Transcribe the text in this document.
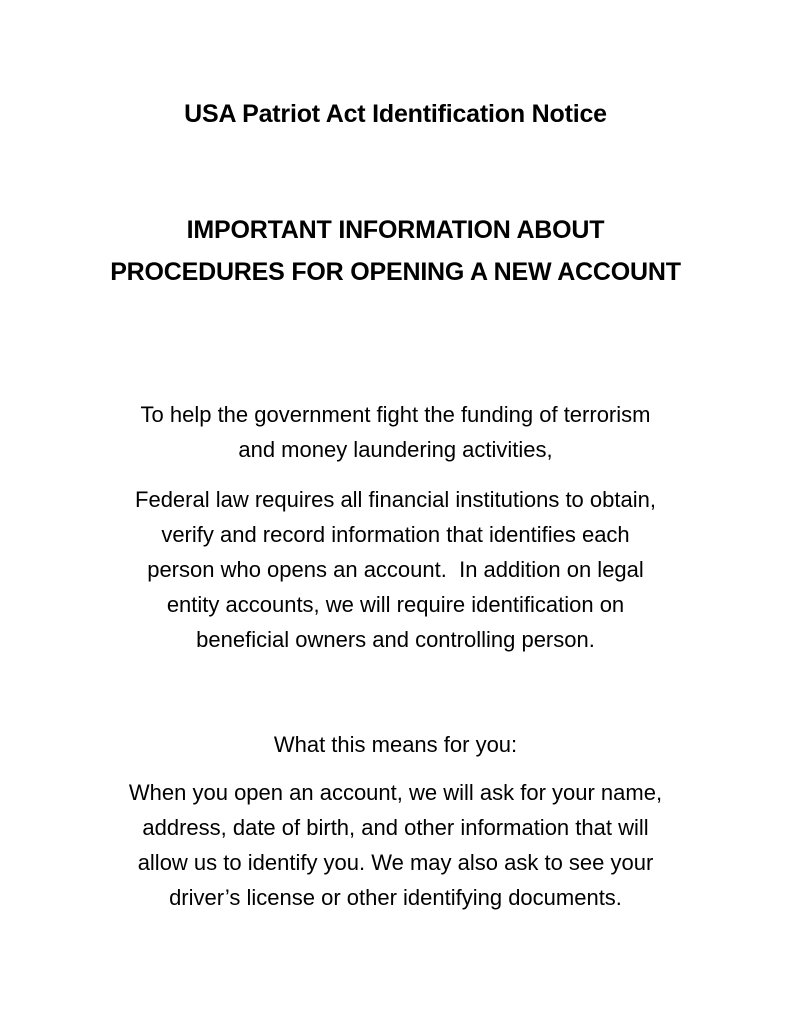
USA Patriot Act Identification Notice
IMPORTANT INFORMATION ABOUT
PROCEDURES FOR OPENING A NEW ACCOUNT

To help the government fight the funding of terrorism
and money laundering activities,

Federal law requires all financial institutions to obtain,
verify and record information that identifies each
person who opens an account.  In addition on legal
entity accounts, we will require identification on
beneficial owners and controlling person.

What this means for you:

When you open an account, we will ask for your name,
address, date of birth, and other information that will
allow us to identify you. We may also ask to see your
driver’s license or other identifying documents.
